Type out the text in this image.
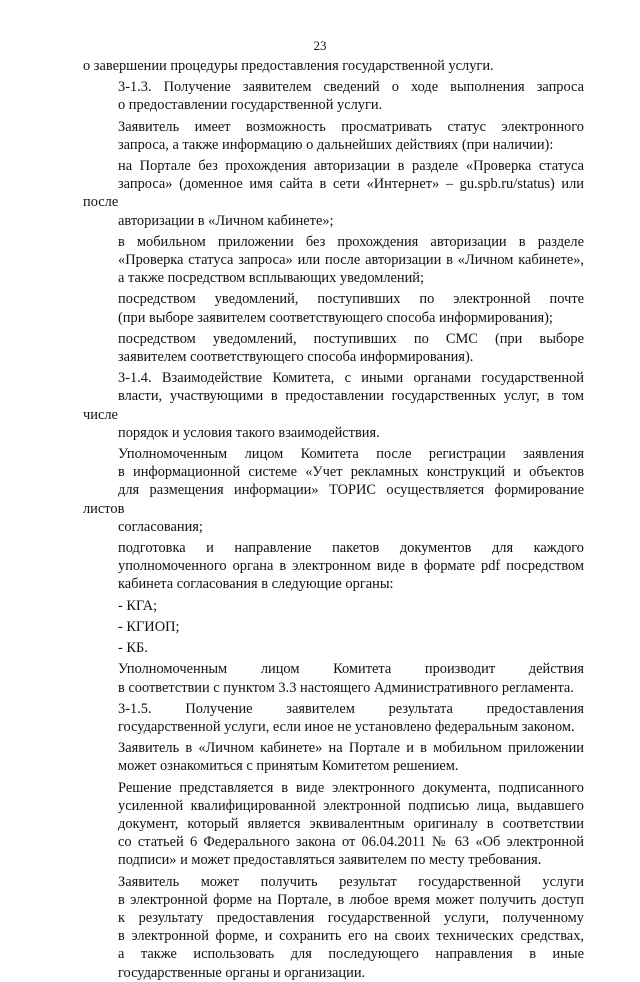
23

о завершении процедуры предоставления государственной услуги.

3-1.3. Получение заявителем сведений о ходе выполнения запроса
о предоставлении государственной услуги.

Заявитель имеет возможность просматривать статус электронного
запроса, а также информацию о дальнейших действиях (при наличии):

на Портале без прохождения авторизации в разделе «Проверка статуса
запроса» (доменное имя сайта в сети «Интернет» – gu.spb.ru/status) или после
авторизации в «Личном кабинете»;

в мобильном приложении без прохождения авторизации в разделе
«Проверка статуса запроса» или после авторизации в «Личном кабинете»,
а также посредством всплывающих уведомлений;

посредством уведомлений, поступивших по электронной почте
(при выборе заявителем соответствующего способа информирования);

посредством уведомлений, поступивших по СМС (при выборе
заявителем соответствующего способа информирования).

3-1.4. Взаимодействие Комитета, с иными органами государственной
власти, участвующими в предоставлении государственных услуг, в том числе
порядок и условия такого взаимодействия.

Уполномоченным лицом Комитета после регистрации заявления
в информационной системе «Учет рекламных конструкций и объектов
для размещения информации» ТОРИС осуществляется формирование листов
согласования;

подготовка и направление пакетов документов для каждого
уполномоченного органа в электронном виде в формате pdf посредством
кабинета согласования в следующие органы:

- КГА;

- КГИОП;

- КБ.

Уполномоченным лицом Комитета производит действия
в соответствии с пунктом 3.3 настоящего Административного регламента.

3-1.5. Получение заявителем результата предоставления
государственной услуги, если иное не установлено федеральным законом.

Заявитель в «Личном кабинете» на Портале и в мобильном приложении
может ознакомиться с принятым Комитетом решением.

Решение представляется в виде электронного документа, подписанного
усиленной квалифицированной электронной подписью лица, выдавшего
документ, который является эквивалентным оригиналу в соответствии
со статьей 6 Федерального закона от 06.04.2011 № 63 «Об электронной
подписи» и может предоставляться заявителем по месту требования.

Заявитель может получить результат государственной услуги
в электронной форме на Портале, в любое время может получить доступ
к результату предоставления государственной услуги, полученному
в электронной форме, и сохранить его на своих технических средствах,
а также использовать для последующего направления в иные
государственные органы и организации.
